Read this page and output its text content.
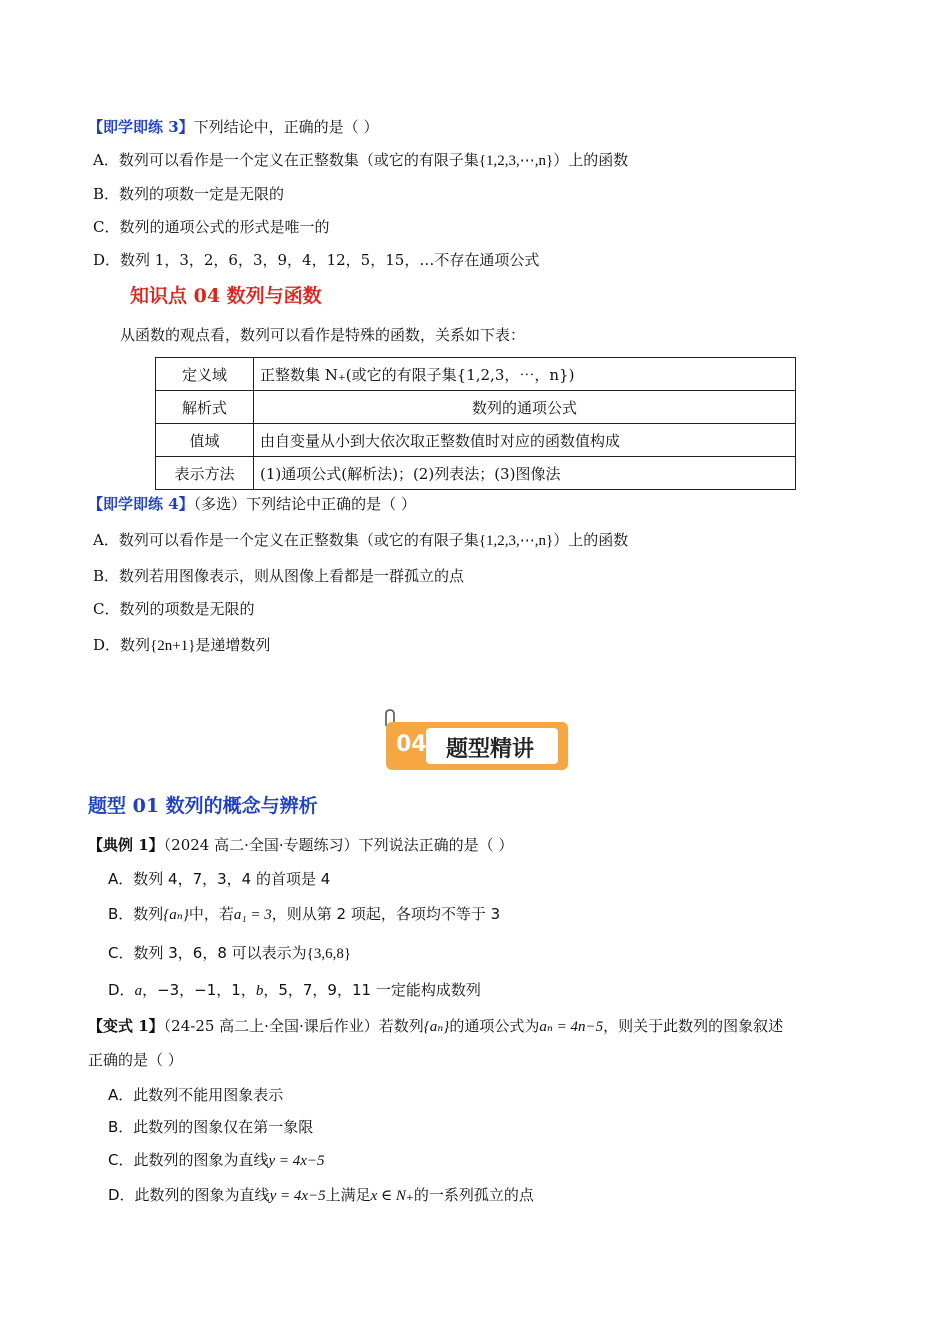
【即学即练 3】下列结论中，正确的是（ ）
A．数列可以看作是一个定义在正整数集（或它的有限子集{1,2,3,⋯,n}）上的函数
B．数列的项数一定是无限的
C．数列的通项公式的形式是唯一的
D．数列 1，3，2，6，3，9，4，12，5，15，…不存在通项公式
知识点 04 数列与函数
从函数的观点看，数列可以看作是特殊的函数，关系如下表：
定义域	正整数集 N₊(或它的有限子集{1,2,3，⋯，n})
解析式	数列的通项公式
值域	由自变量从小到大依次取正整数值时对应的函数值构成
表示方法	(1)通项公式(解析法)；(2)列表法；(3)图像法
【即学即练 4】（多选）下列结论中正确的是（ ）
A．数列可以看作是一个定义在正整数集（或它的有限子集{1,2,3,⋯,n}）上的函数
B．数列若用图像表示，则从图像上看都是一群孤立的点
C．数列的项数是无限的
D．数列{2n+1}是递增数列
04 题型精讲
题型 01 数列的概念与辨析
【典例 1】（2024 高二·全国·专题练习）下列说法正确的是（ ）
A．数列 4，7，3，4 的首项是 4
B．数列{aₙ}中，若a₁ = 3，则从第 2 项起，各项均不等于 3
C．数列 3，6，8 可以表示为{3,6,8}
D．a，−3，−1，1，b，5，7，9，11 一定能构成数列
【变式 1】（24-25 高二上·全国·课后作业）若数列{aₙ}的通项公式为aₙ = 4n−5，则关于此数列的图象叙述
正确的是（ ）
A．此数列不能用图象表示
B．此数列的图象仅在第一象限
C．此数列的图象为直线y = 4x−5
D．此数列的图象为直线y = 4x−5上满足x ∈ N₊的一系列孤立的点
